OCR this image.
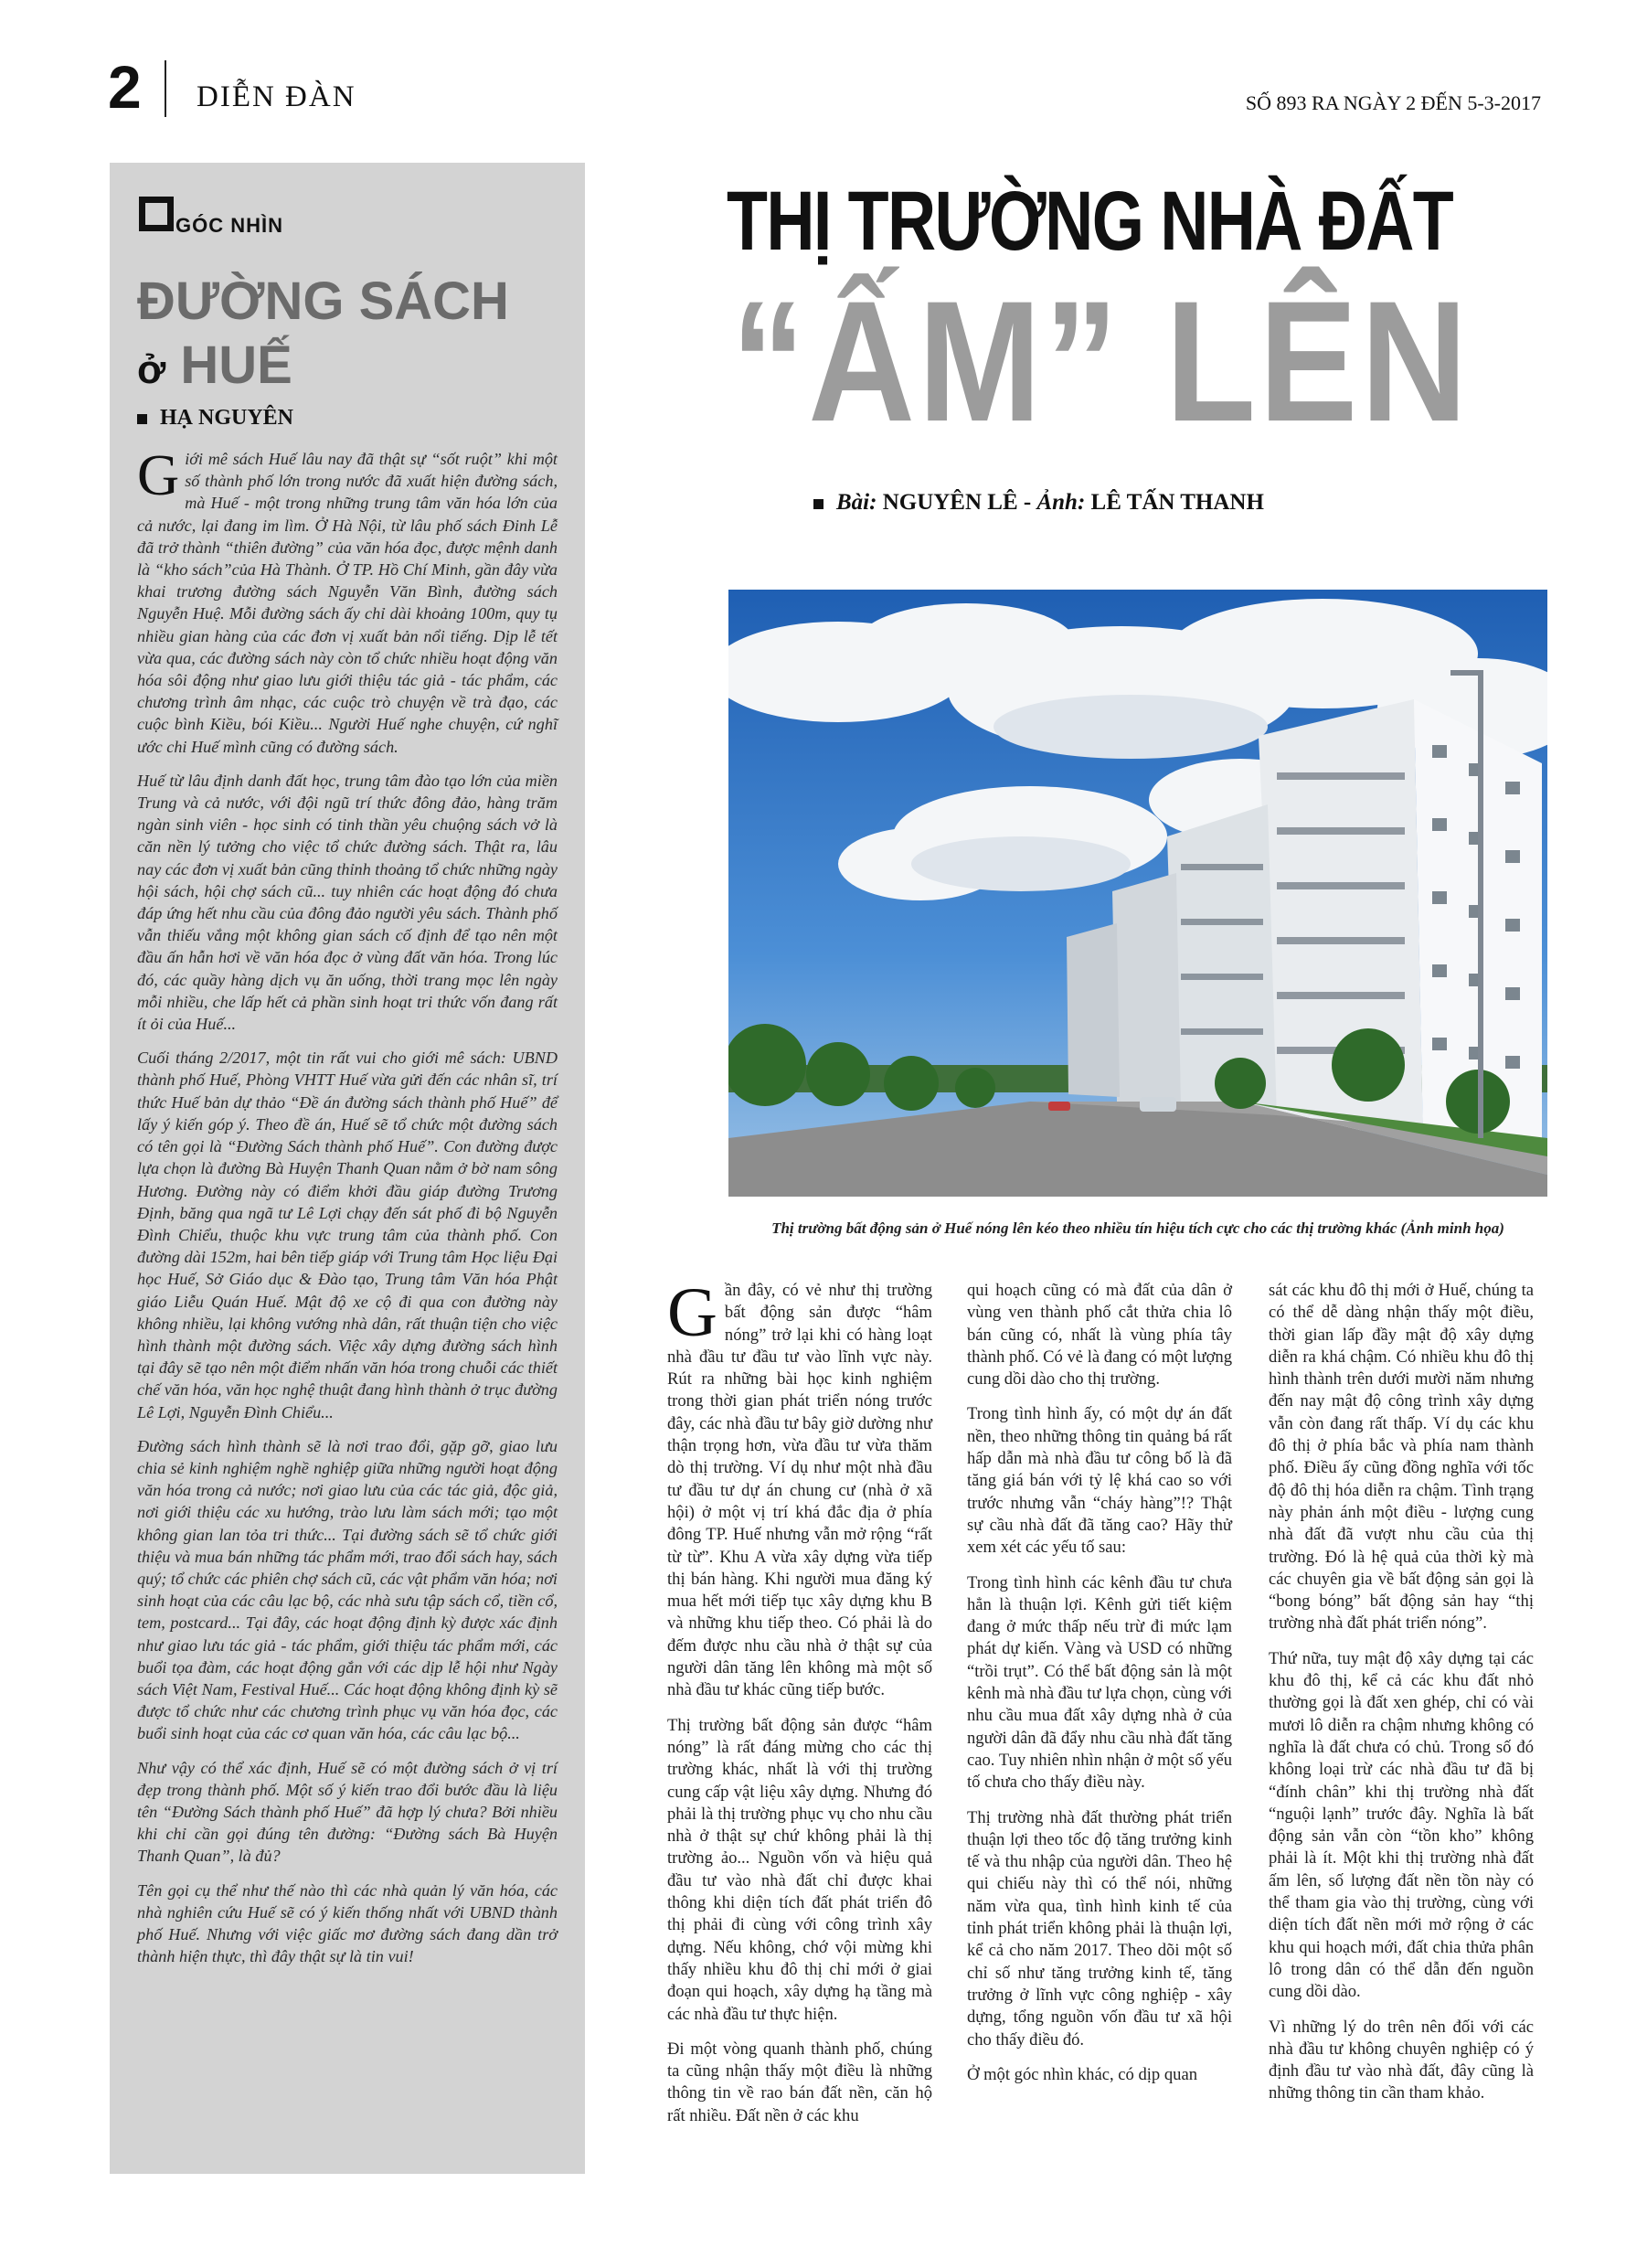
2 DIỄN ĐÀN	SỐ 893 RA NGÀY 2 ĐẾN 5-3-2017
GÓC NHÌN
ĐƯỜNG SÁCH
ở HUẾ
HẠ NGUYÊN

Giới mê sách Huế lâu nay đã thật sự “sốt ruột” khi một số thành phố lớn trong nước đã xuất hiện đường sách, mà Huế - một trong những trung tâm văn hóa lớn của cả nước, lại đang im lìm. Ở Hà Nội, từ lâu phố sách Đinh Lễ đã trở thành “thiên đường” của văn hóa đọc, được mệnh danh là “kho sách”của Hà Thành. Ở TP. Hồ Chí Minh, gần đây vừa khai trương đường sách Nguyễn Văn Bình, đường sách Nguyễn Huệ. Mỗi đường sách ấy chỉ dài khoảng 100m, quy tụ nhiều gian hàng của các đơn vị xuất bản nổi tiếng. Dịp lễ tết vừa qua, các đường sách này còn tổ chức nhiều hoạt động văn hóa sôi động như giao lưu giới thiệu tác giả - tác phẩm, các chương trình âm nhạc, các cuộc trò chuyện về trà đạo, các cuộc bình Kiều, bói Kiều... Người Huế nghe chuyện, cứ nghĩ ước chi Huế mình cũng có đường sách.

Huế từ lâu định danh đất học, trung tâm đào tạo lớn của miền Trung và cả nước, với đội ngũ trí thức đông đảo, hàng trăm ngàn sinh viên - học sinh có tinh thần yêu chuộng sách vở là căn nền lý tưởng cho việc tổ chức đường sách. Thật ra, lâu nay các đơn vị xuất bản cũng thỉnh thoảng tổ chức những ngày hội sách, hội chợ sách cũ... tuy nhiên các hoạt động đó chưa đáp ứng hết nhu cầu của đông đảo người yêu sách. Thành phố vẫn thiếu vắng một không gian sách cố định để tạo nên một đầu ấn hẫn hơi về văn hóa đọc ở vùng đất văn hóa. Trong lúc đó, các quầy hàng dịch vụ ăn uống, thời trang mọc lên ngày mỗi nhiều, che lấp hết cả phần sinh hoạt tri thức vốn đang rất ít ỏi của Huế...

Cuối tháng 2/2017, một tin rất vui cho giới mê sách: UBND thành phố Huế, Phòng VHTT Huế vừa gửi đến các nhân sĩ, trí thức Huế bản dự thảo “Đề án đường sách thành phố Huế” để lấy ý kiến góp ý. Theo đề án, Huế sẽ tổ chức một đường sách có tên gọi là “Đường Sách thành phố Huế”. Con đường được lựa chọn là đường Bà Huyện Thanh Quan nằm ở bờ nam sông Hương. Đường này có điểm khởi đầu giáp đường Trương Định, băng qua ngã tư Lê Lợi chạy đến sát phố đi bộ Nguyễn Đình Chiểu, thuộc khu vực trung tâm của thành phố. Con đường dài 152m, hai bên tiếp giáp với Trung tâm Học liệu Đại học Huế, Sở Giáo dục & Đào tạo, Trung tâm Văn hóa Phật giáo Liễu Quán Huế. Mật độ xe cộ đi qua con đường này không nhiều, lại không vướng nhà dân, rất thuận tiện cho việc hình thành một đường sách. Việc xây dựng đường sách hình tại đây sẽ tạo nên một điểm nhấn văn hóa trong chuỗi các thiết chế văn hóa, văn học nghệ thuật đang hình thành ở trục đường Lê Lợi, Nguyễn Đình Chiểu...

Đường sách hình thành sẽ là nơi trao đổi, gặp gỡ, giao lưu chia sẻ kinh nghiệm nghề nghiệp giữa những người hoạt động văn hóa trong cả nước; nơi giao lưu của các tác giả, độc giả, nơi giới thiệu các xu hướng, trào lưu làm sách mới; tạo một không gian lan tỏa tri thức... Tại đường sách sẽ tổ chức giới thiệu và mua bán những tác phẩm mới, trao đổi sách hay, sách quý; tổ chức các phiên chợ sách cũ, các vật phẩm văn hóa; nơi sinh hoạt của các câu lạc bộ, các nhà sưu tập sách cổ, tiền cổ, tem, postcard... Tại đây, các hoạt động định kỳ được xác định như giao lưu tác giả - tác phẩm, giới thiệu tác phẩm mới, các buổi tọa đàm, các hoạt động gắn với các dịp lễ hội như Ngày sách Việt Nam, Festival Huế... Các hoạt động không định kỳ sẽ được tổ chức như các chương trình phục vụ văn hóa đọc, các buổi sinh hoạt của các cơ quan văn hóa, các câu lạc bộ...

Như vậy có thể xác định, Huế sẽ có một đường sách ở vị trí đẹp trong thành phố. Một số ý kiến trao đổi bước đầu là liệu tên “Đường Sách thành phố Huế” đã hợp lý chưa? Bởi nhiều khi chỉ cần gọi đúng tên đường: “Đường sách Bà Huyện Thanh Quan”, là đủ?

Tên gọi cụ thể như thế nào thì các nhà quản lý văn hóa, các nhà nghiên cứu Huế sẽ có ý kiến thống nhất với UBND thành phố Huế. Nhưng với việc giấc mơ đường sách đang dần trở thành hiện thực, thì đây thật sự là tin vui!

THỊ TRƯỜNG NHÀ ĐẤT
“ẤM” LÊN
Bài: NGUYÊN LÊ - Ảnh: LÊ TẤN THANH
Thị trường bất động sản ở Huế nóng lên kéo theo nhiều tín hiệu tích cực cho các thị trường khác (Ảnh minh họa)

Gần đây, có vẻ như thị trường bất động sản được “hâm nóng” trở lại khi có hàng loạt nhà đầu tư đầu tư vào lĩnh vực này. Rút ra những bài học kinh nghiệm trong thời gian phát triển nóng trước đây, các nhà đầu tư bây giờ dường như thận trọng hơn, vừa đầu tư vừa thăm dò thị trường. Ví dụ như một nhà đầu tư đầu tư dự án chung cư (nhà ở xã hội) ở một vị trí khá đắc địa ở phía đông TP. Huế nhưng vẫn mở rộng “rất từ từ”. Khu A vừa xây dựng vừa tiếp thị bán hàng. Khi người mua đăng ký mua hết mới tiếp tục xây dựng khu B và những khu tiếp theo. Có phải là do đếm được nhu cầu nhà ở thật sự của người dân tăng lên không mà một số nhà đầu tư khác cũng tiếp bước.

Thị trường bất động sản được “hâm nóng” là rất đáng mừng cho các thị trường khác, nhất là với thị trường cung cấp vật liệu xây dựng. Nhưng đó phải là thị trường phục vụ cho nhu cầu nhà ở thật sự chứ không phải là thị trường ảo... Nguồn vốn và hiệu quả đầu tư vào nhà đất chỉ được khai thông khi diện tích đất phát triển đô thị phải đi cùng với công trình xây dựng. Nếu không, chớ vội mừng khi thấy nhiều khu đô thị chỉ mới ở giai đoạn qui hoạch, xây dựng hạ tầng mà các nhà đầu tư thực hiện.

Đi một vòng quanh thành phố, chúng ta cũng nhận thấy một điều là những thông tin về rao bán đất nền, căn hộ rất nhiều. Đất nền ở các khu

qui hoạch cũng có mà đất của dân ở vùng ven thành phố cắt thửa chia lô bán cũng có, nhất là vùng phía tây thành phố. Có vẻ là đang có một lượng cung dồi dào cho thị trường.

Trong tình hình ấy, có một dự án đất nền, theo những thông tin quảng bá rất hấp dẫn mà nhà đầu tư công bố là đã tăng giá bán với tỷ lệ khá cao so với trước nhưng vẫn “cháy hàng”!? Thật sự cầu nhà đất đã tăng cao? Hãy thử xem xét các yếu tố sau:

Trong tình hình các kênh đầu tư chưa hẳn là thuận lợi. Kênh gửi tiết kiệm đang ở mức thấp nếu trừ đi mức lạm phát dự kiến. Vàng và USD có những “trồi trụt”. Có thể bất động sản là một kênh mà nhà đầu tư lựa chọn, cùng với nhu cầu mua đất xây dựng nhà ở của người dân đã đẩy nhu cầu nhà đất tăng cao. Tuy nhiên nhìn nhận ở một số yếu tố chưa cho thấy điều này.

Thị trường nhà đất thường phát triển thuận lợi theo tốc độ tăng trưởng kinh tế và thu nhập của người dân. Theo hệ qui chiếu này thì có thể nói, những năm vừa qua, tình hình kinh tế của tỉnh phát triển không phải là thuận lợi, kể cả cho năm 2017. Theo dõi một số chỉ số như tăng trưởng kinh tế, tăng trưởng ở lĩnh vực công nghiệp - xây dựng, tổng nguồn vốn đầu tư xã hội cho thấy điều đó.

Ở một góc nhìn khác, có dịp quan

sát các khu đô thị mới ở Huế, chúng ta có thể dễ dàng nhận thấy một điều, thời gian lấp đầy mật độ xây dựng diễn ra khá chậm. Có nhiều khu đô thị hình thành trên dưới mười năm nhưng đến nay mật độ công trình xây dựng vẫn còn đang rất thấp. Ví dụ các khu đô thị ở phía bắc và phía nam thành phố. Điều ấy cũng đồng nghĩa với tốc độ đô thị hóa diễn ra chậm. Tình trạng này phản ánh một điều - lượng cung nhà đất đã vượt nhu cầu của thị trường. Đó là hệ quả của thời kỳ mà các chuyên gia về bất động sản gọi là “bong bóng” bất động sản hay “thị trường nhà đất phát triển nóng”.

Thứ nữa, tuy mật độ xây dựng tại các khu đô thị, kể cả các khu đất nhỏ thường gọi là đất xen ghép, chỉ có vài mươi lô diễn ra chậm nhưng không có nghĩa là đất chưa có chủ. Trong số đó không loại trừ các nhà đầu tư đã bị “đính chân” khi thị trường nhà đất “nguội lạnh” trước đây. Nghĩa là bất động sản vẫn còn “tồn kho” không phải là ít. Một khi thị trường nhà đất ấm lên, số lượng đất nền tồn này có thể tham gia vào thị trường, cùng với diện tích đất nền mới mở rộng ở các khu qui hoạch mới, đất chia thửa phân lô trong dân có thể dẫn đến nguồn cung dồi dào.

Vì những lý do trên nên đối với các nhà đầu tư không chuyên nghiệp có ý định đầu tư vào nhà đất, đây cũng là những thông tin cần tham khảo.
